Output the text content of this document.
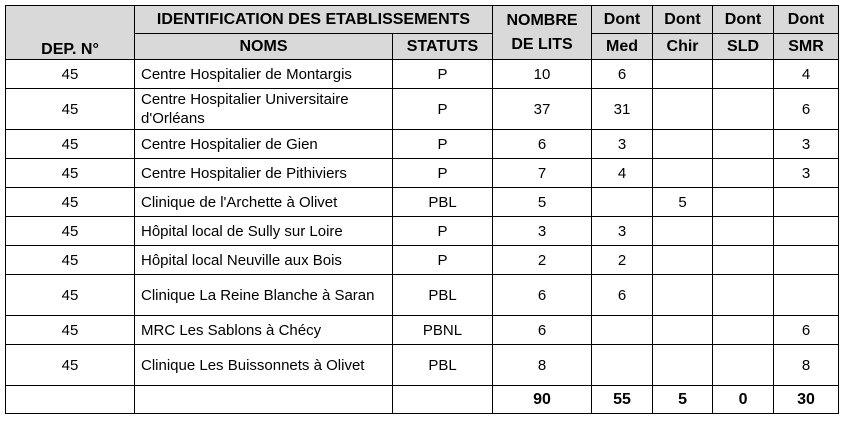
DEP. N°	IDENTIFICATION DES ETABLISSEMENTS		NOMBRE
DE LITS	Dont	Dont	Dont	Dont
	NOMS	STATUTS		Med	Chir	SLD	SMR
45	Centre Hospitalier de Montargis	P	10	6			4
45	Centre Hospitalier Universitaire d'Orléans	P	37	31			6
45	Centre Hospitalier de Gien	P	6	3			3
45	Centre Hospitalier de Pithiviers	P	7	4			3
45	Clinique de l'Archette à Olivet	PBL	5		5		
45	Hôpital local de Sully sur Loire	P	3	3			
45	Hôpital local Neuville aux Bois	P	2	2			
45	Clinique La Reine Blanche à Saran	PBL	6	6			
45	MRC Les Sablons à Chécy	PBNL	6				6
45	Clinique Les Buissonnets à Olivet	PBL	8				8
			90	55	5	0	30
